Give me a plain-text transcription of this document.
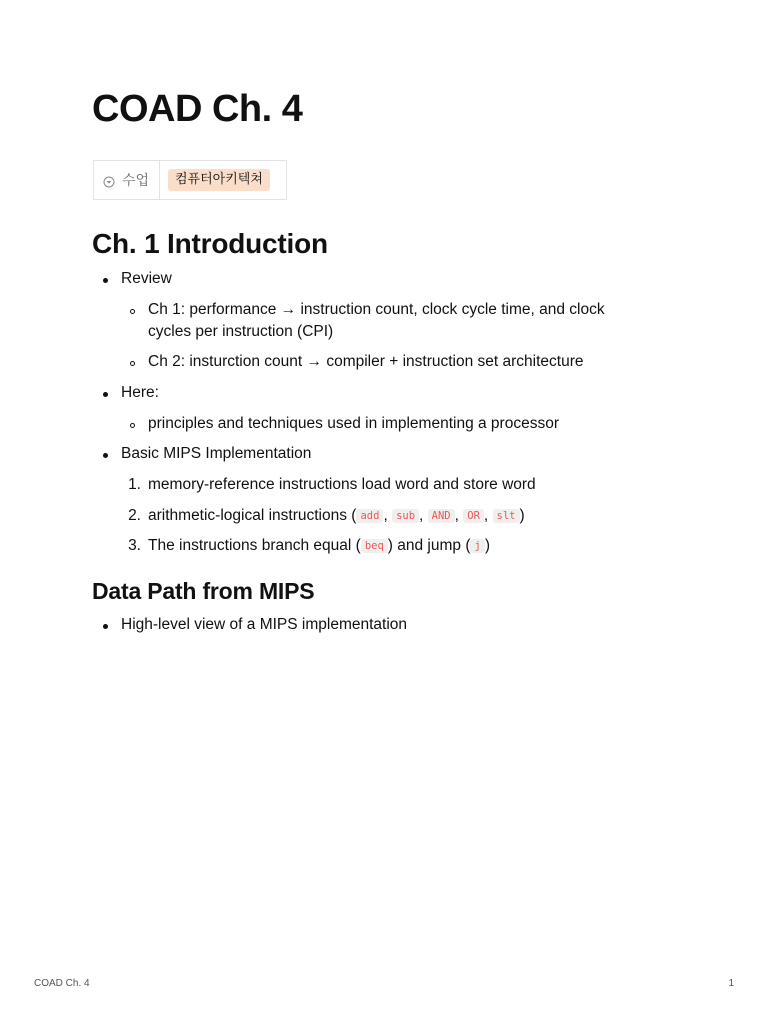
COAD Ch. 4
수업	컴퓨터아키텍쳐
Ch. 1 Introduction
Review
Ch 1: performance → instruction count, clock cycle time, and clock
cycles per instruction (CPI)
Ch 2: insturction count → compiler + instruction set architecture
Here:
principles and techniques used in implementing a processor
Basic MIPS Implementation
1. memory-reference instructions load word and store word
2. arithmetic-logical instructions ( add , sub , AND , OR , slt )
3. The instructions branch equal ( beq ) and jump ( j )
Data Path from MIPS
High-level view of a MIPS implementation
COAD Ch. 4	1
